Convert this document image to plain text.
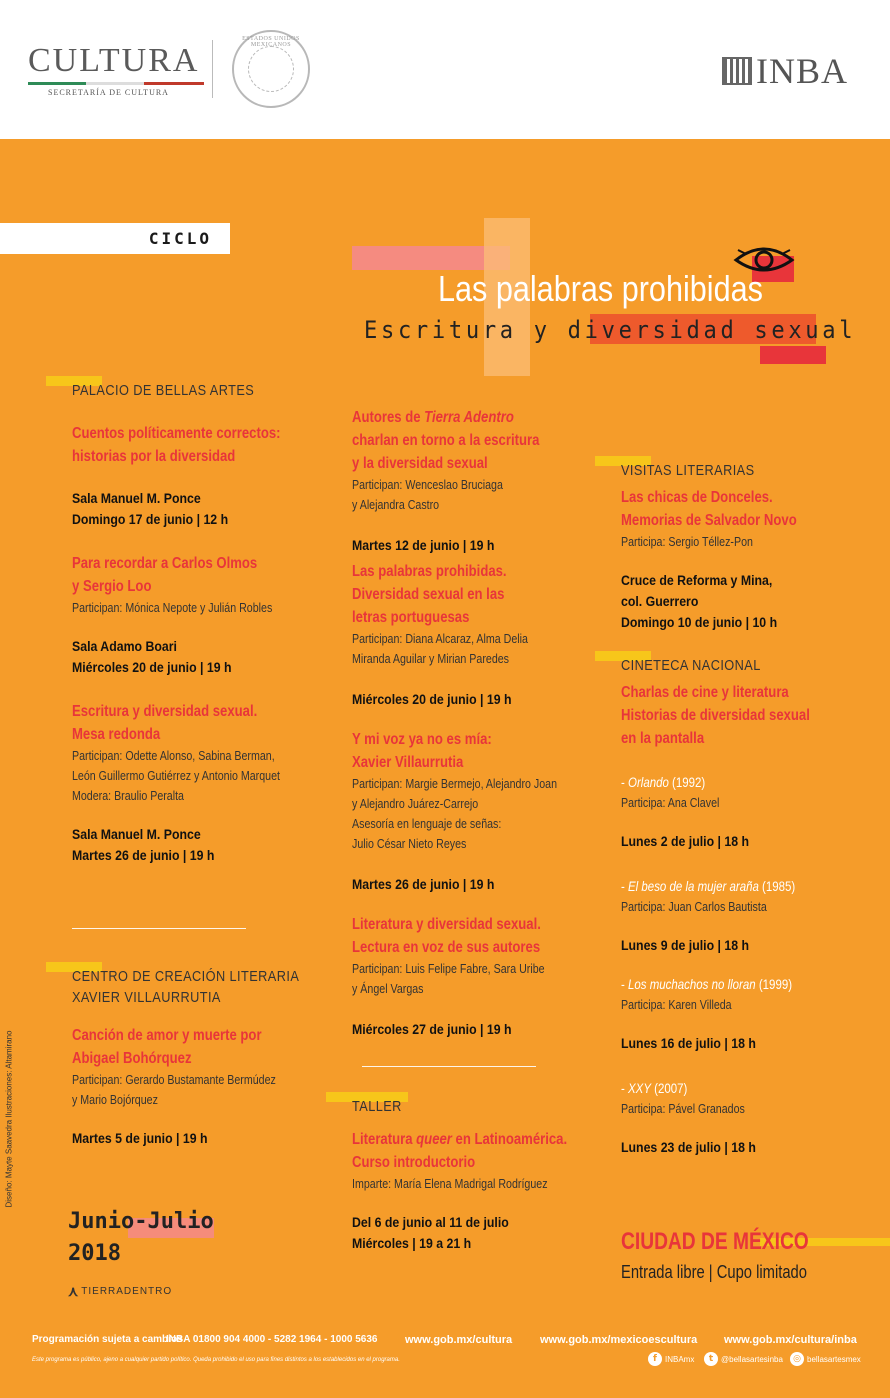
CULTURA
SECRETARÍA DE CULTURA
ESTADOS UNIDOS MEXICANOS
INBA
CICLO
Las palabras prohibidas
Escritura y diversidad sexual
PALACIO DE BELLAS ARTES
Cuentos políticamente correctos:
historias por la diversidad
Sala Manuel M. Ponce
Domingo 17 de junio | 12 h
Para recordar a Carlos Olmos
y Sergio Loo
Participan: Mónica Nepote y Julián Robles
Sala Adamo Boari
Miércoles 20 de junio | 19 h
Escritura y diversidad sexual.
Mesa redonda
Participan: Odette Alonso, Sabina Berman,
León Guillermo Gutiérrez y Antonio Marquet
Modera: Braulio Peralta
Sala Manuel M. Ponce
Martes 26 de junio | 19 h
CENTRO DE CREACIÓN LITERARIA
XAVIER VILLAURRUTIA
Canción de amor y muerte por
Abigael Bohórquez
Participan: Gerardo Bustamante Bermúdez
y Mario Bojórquez
Martes 5 de junio | 19 h
Autores de Tierra Adentro
charlan en torno a la escritura
y la diversidad sexual
Participan: Wenceslao Bruciaga
y Alejandra Castro
Martes 12 de junio | 19 h
Las palabras prohibidas.
Diversidad sexual en las
letras portuguesas
Participan: Diana Alcaraz, Alma Delia
Miranda Aguilar y Mirian Paredes
Miércoles 20 de junio | 19 h
Y mi voz ya no es mía:
Xavier Villaurrutia
Participan: Margie Bermejo, Alejandro Joan
y Alejandro Juárez-Carrejo
Asesoría en lenguaje de señas:
Julio César Nieto Reyes
Martes 26 de junio | 19 h
Literatura y diversidad sexual.
Lectura en voz de sus autores
Participan: Luis Felipe Fabre, Sara Uribe
y Ángel Vargas
Miércoles 27 de junio | 19 h
TALLER
Literatura queer en Latinoamérica.
Curso introductorio
Imparte: María Elena Madrigal Rodríguez
Del 6 de junio al 11 de julio
Miércoles | 19 a 21 h
VISITAS LITERARIAS
Las chicas de Donceles.
Memorias de Salvador Novo
Participa: Sergio Téllez-Pon
Cruce de Reforma y Mina,
col. Guerrero
Domingo 10 de junio | 10 h
CINETECA NACIONAL
Charlas de cine y literatura
Historias de diversidad sexual
en la pantalla
- Orlando (1992)
Participa: Ana Clavel
Lunes 2 de julio | 18 h
- El beso de la mujer araña (1985)
Participa: Juan Carlos Bautista
Lunes 9 de julio | 18 h
- Los muchachos no lloran (1999)
Participa: Karen Villeda
Lunes 16 de julio | 18 h
- XXY (2007)
Participa: Pável Granados
Lunes 23 de julio | 18 h
Junio-Julio
2018
⋏ TIERRADENTRO
Diseño: Mayte Saavedra Ilustraciones: Altamirano
CIUDAD DE MÉXICO
Entrada libre | Cupo limitado
Programación sujeta a cambios
INBA 01800 904 4000 - 5282 1964 - 1000 5636	www.gob.mx/cultura	www.gob.mx/mexicoescultura www.gob.mx/cultura/inba
Este programa es público, ajeno a cualquier partido político. Queda prohibido el uso para fines distintos a los establecidos en el programa.	f	INBAmx	t @bellasartesinba	◎ bellasartesmex
